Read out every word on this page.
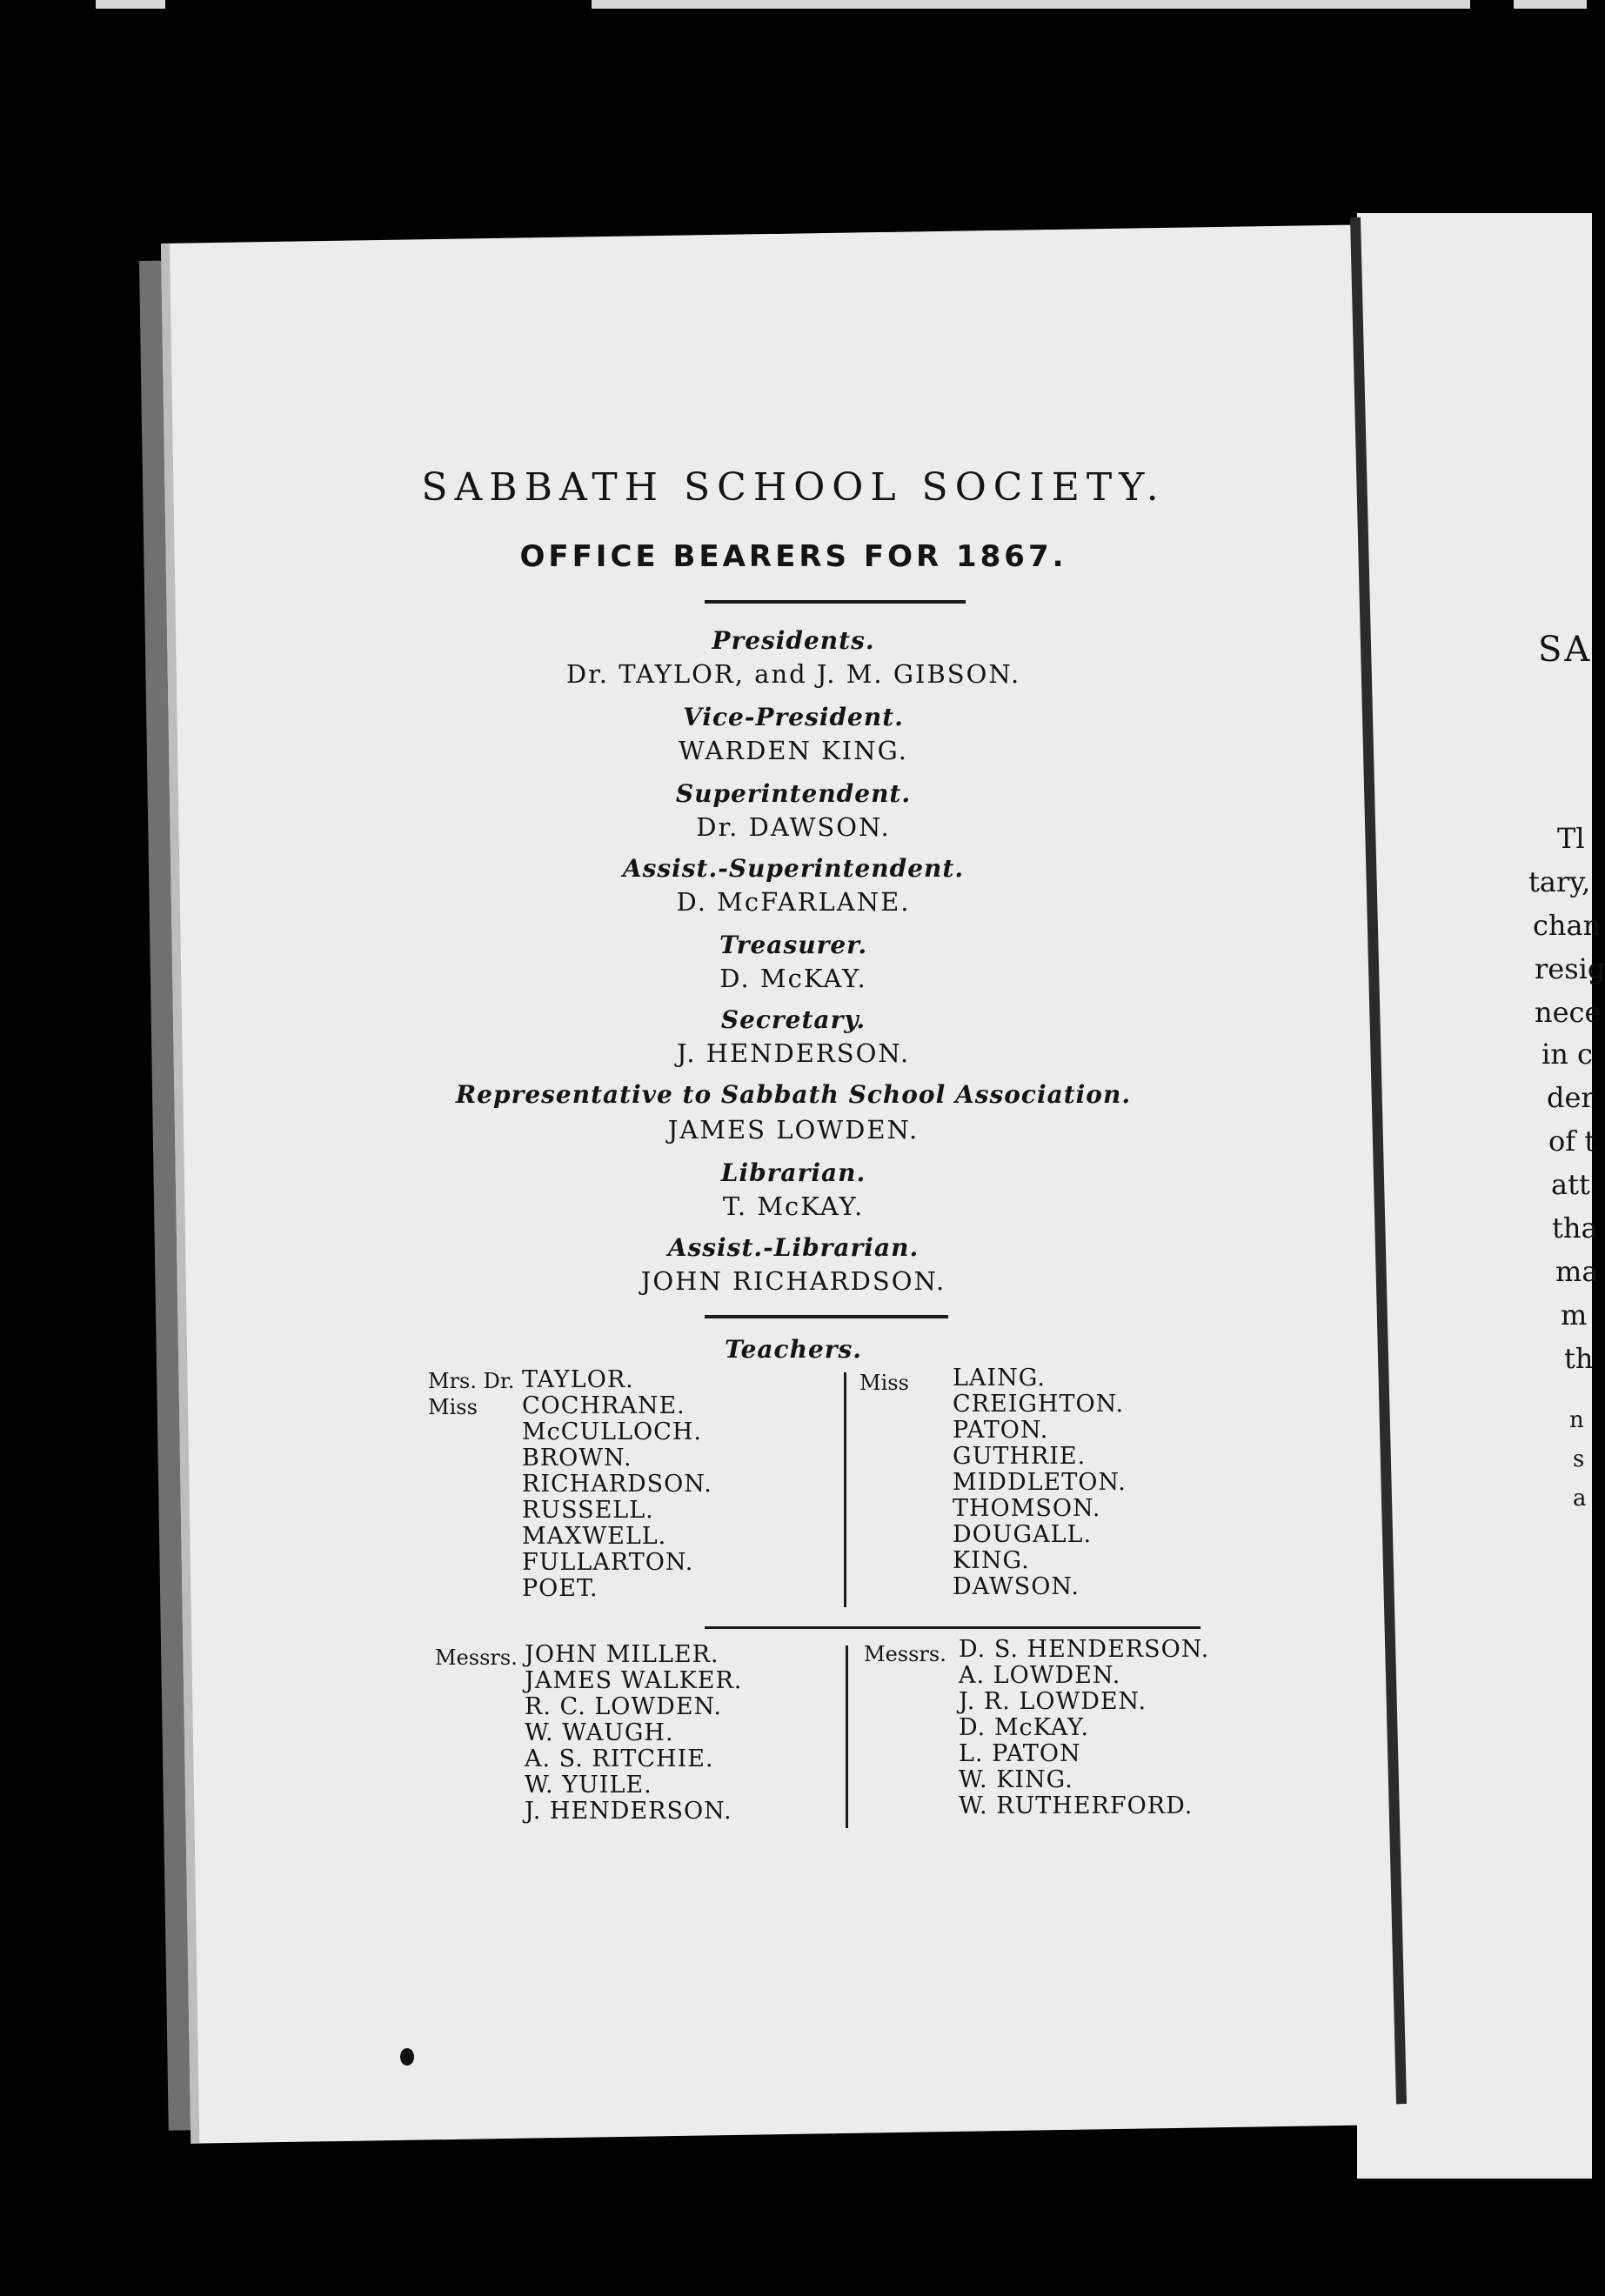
SABBATH SCHOOL SOCIETY.
OFFICE BEARERS FOR 1867.
Presidents.
Dr. TAYLOR, and J. M. GIBSON.
Vice-President.
WARDEN KING.
Superintendent.
Dr. DAWSON.
Assist.-Superintendent.
D. McFARLANE.
Treasurer.
D. McKAY.
Secretary.
J. HENDERSON.
Representative to Sabbath School Association.
JAMES LOWDEN.
Librarian.
T. McKAY.
Assist.-Librarian.
JOHN RICHARDSON.
Teachers.
Mrs. Dr.
Miss
TAYLOR.
COCHRANE.
McCULLOCH.
BROWN.
RICHARDSON.
RUSSELL.
MAXWELL.
FULLARTON.
POET.
Miss LAING.
CREIGHTON.
PATON.
GUTHRIE.
MIDDLETON.
THOMSON.
DOUGALL.
KING.
DAWSON.
Messrs. JOHN MILLER.
JAMES WALKER.
R. C. LOWDEN.
W. WAUGH.
A. S. RITCHIE.
W. YUILE.
J. HENDERSON.
Messrs. D. S. HENDERSON.
A. LOWDEN.
J. R. LOWDEN.
D. McKAY.
L. PATON
W. KING.
W. RUTHERFORD.
SA
Tl
tary,
chan
resig
nece
in c
der
of t
att
tha
ma
m
th
n
s
a
